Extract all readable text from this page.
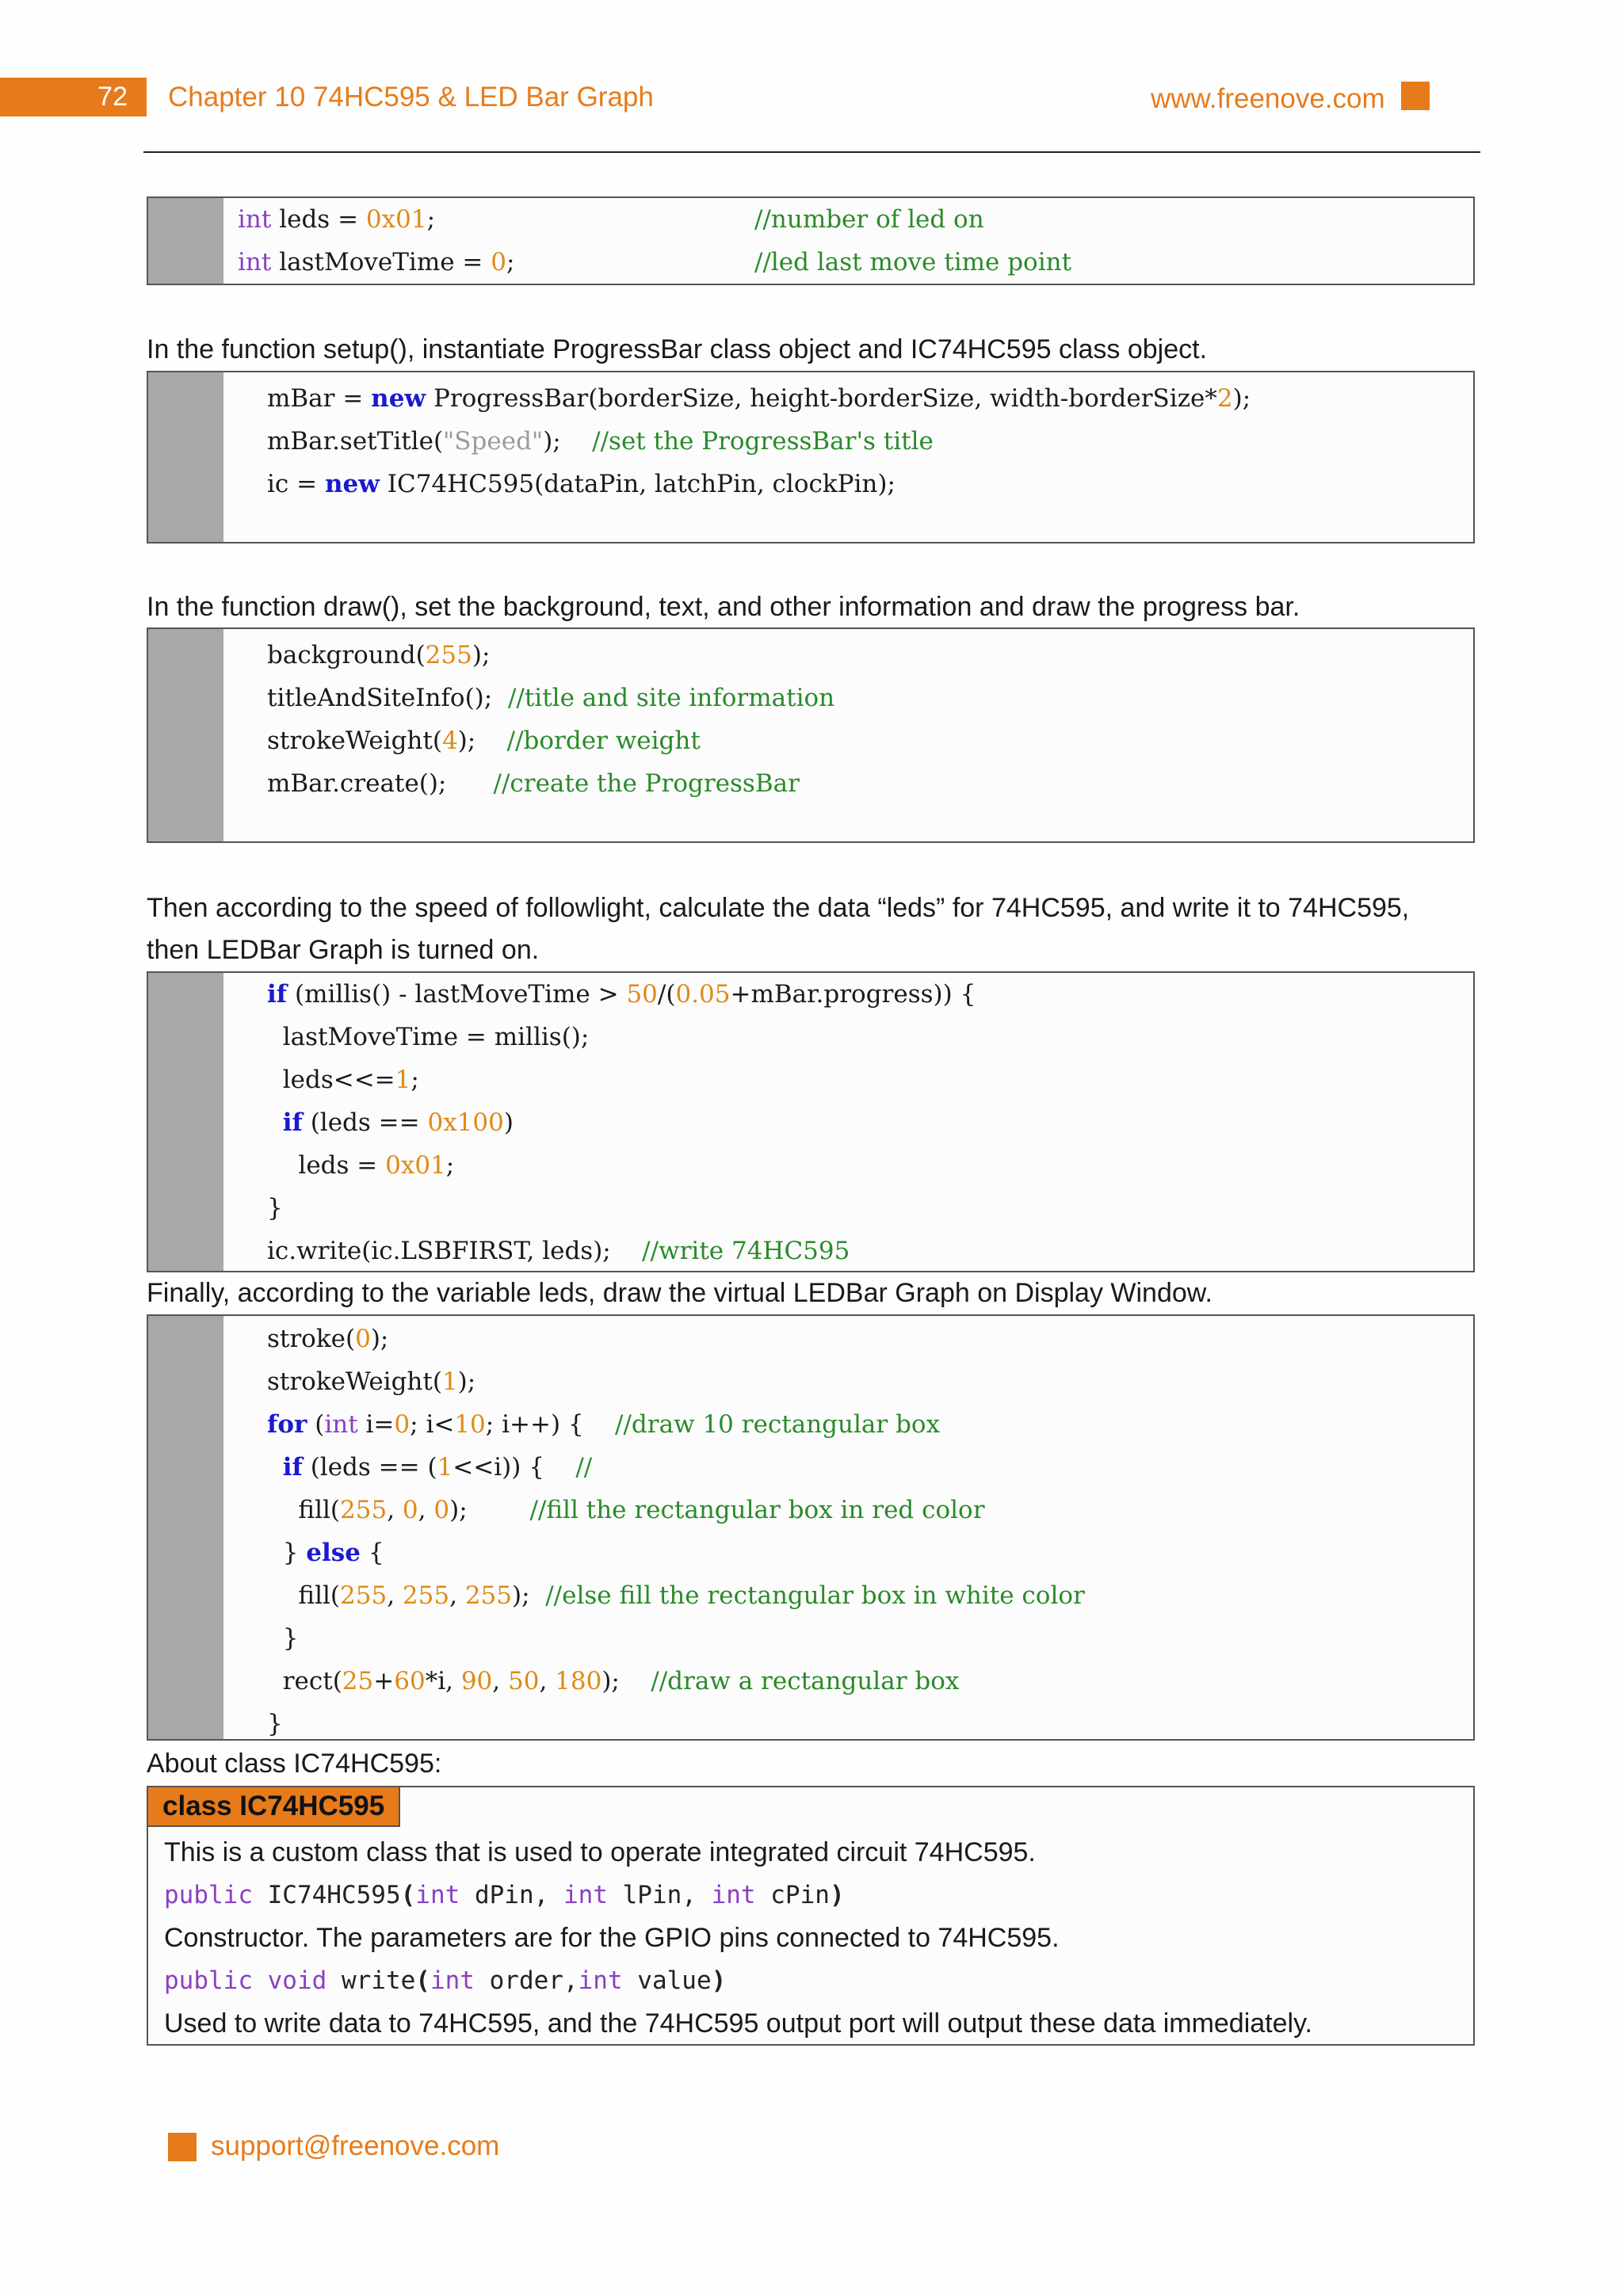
72	Chapter 10 74HC595 & LED Bar Graph	www.freenove.com
int leds = 0x01;	//number of led on
int lastMoveTime = 0;	//led last move time point
In the function setup(), instantiate ProgressBar class object and IC74HC595 class object.
mBar = new ProgressBar(borderSize, height-borderSize, width-borderSize*2);
mBar.setTitle("Speed");    //set the ProgressBar's title
ic = new IC74HC595(dataPin, latchPin, clockPin);
In the function draw(), set the background, text, and other information and draw the progress bar.
background(255);
titleAndSiteInfo();  //title and site information
strokeWeight(4);    //border weight
mBar.create();      //create the ProgressBar
Then according to the speed of followlight, calculate the data “leds” for 74HC595, and write it to 74HC595,
then LEDBar Graph is turned on.
if (millis() - lastMoveTime > 50/(0.05+mBar.progress)) {
lastMoveTime = millis();
leds<<=1;
if (leds == 0x100)
leds = 0x01;
}
ic.write(ic.LSBFIRST, leds);    //write 74HC595
Finally, according to the variable leds, draw the virtual LEDBar Graph on Display Window.
stroke(0);
strokeWeight(1);
for (int i=0; i<10; i++) {    //draw 10 rectangular box
if (leds == (1<<i)) {    //
fill(255, 0, 0);        //fill the rectangular box in red color
} else {
fill(255, 255, 255);  //else fill the rectangular box in white color
}
rect(25+60*i, 90, 50, 180);    //draw a rectangular box
}
About class IC74HC595:
class IC74HC595
This is a custom class that is used to operate integrated circuit 74HC595.
public IC74HC595(int dPin, int lPin, int cPin)
Constructor. The parameters are for the GPIO pins connected to 74HC595.
public void write(int order,int value)
Used to write data to 74HC595, and the 74HC595 output port will output these data immediately.
support@freenove.com
